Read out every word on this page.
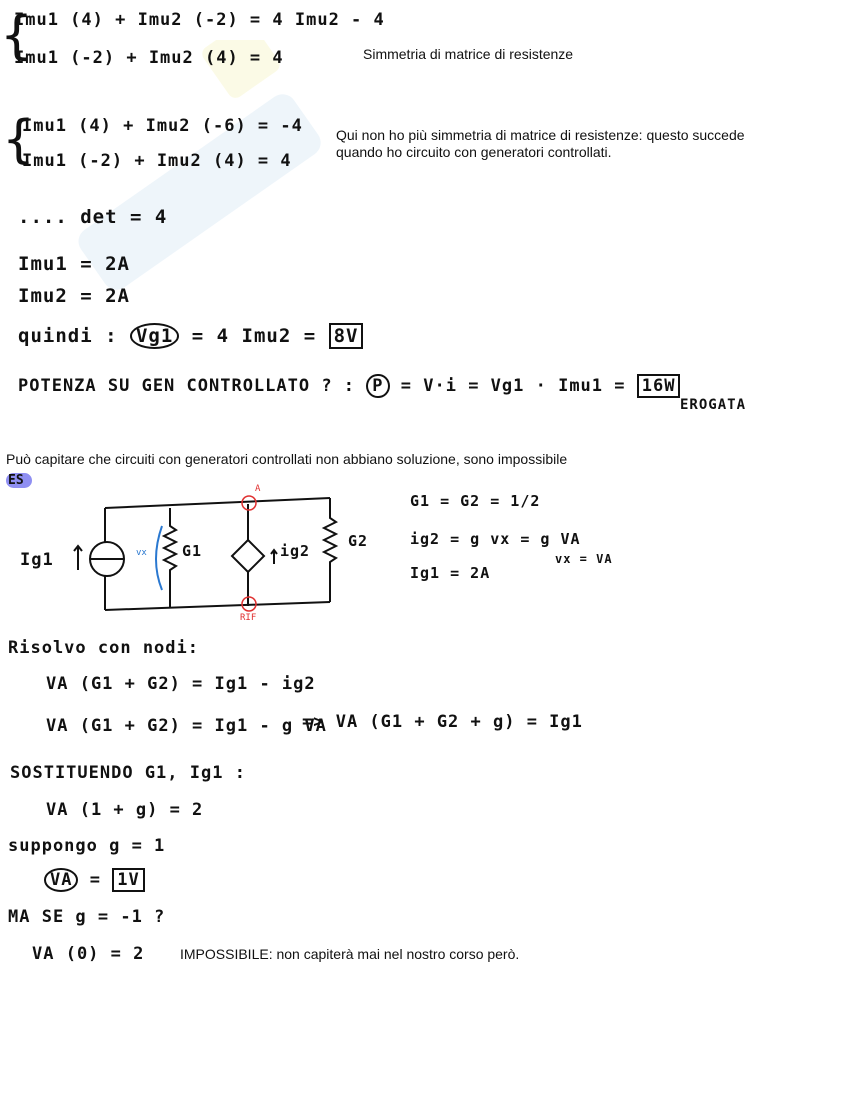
{
Imu1 (4) + Imu2 (-2) = 4 Imu2 - 4
Imu1 (-2) + Imu2 (4) = 4	Simmetria di matrice di resistenze
{
Imu1 (4) + Imu2 (-6) = -4
Imu1 (-2) + Imu2 (4) = 4
Qui non ho più simmetria di matrice di resistenze: questo succede quando ho circuito con generatori controllati.
.... det = 4
Imu1 = 2A
Imu2 = 2A
quindi : Vg1 = 4 Imu2 = 8V
POTENZA SU GEN CONTROLLATO ? : P = V·i = Vg1 · Imu1 = 16W
EROGATA
Può capitare che circuiti con generatori controllati non abbiano soluzione, sono impossibile
ES
Ig1	vx G1	ig2
G2
A
RIF
G1 = G2 = 1/2
ig2 = g vx = g VA
vx = VA
Ig1 = 2A
Risolvo con nodi:
VA (G1 + G2) = Ig1 - ig2
VA (G1 + G2) = Ig1 - g VA
=> VA (G1 + G2 + g) = Ig1
SOSTITUENDO G1, Ig1 :
VA (1 + g) = 2
suppongo g = 1
VA = 1V
MA SE g = -1 ?
VA (0) = 2	IMPOSSIBILE: non capiterà mai nel nostro corso però.
